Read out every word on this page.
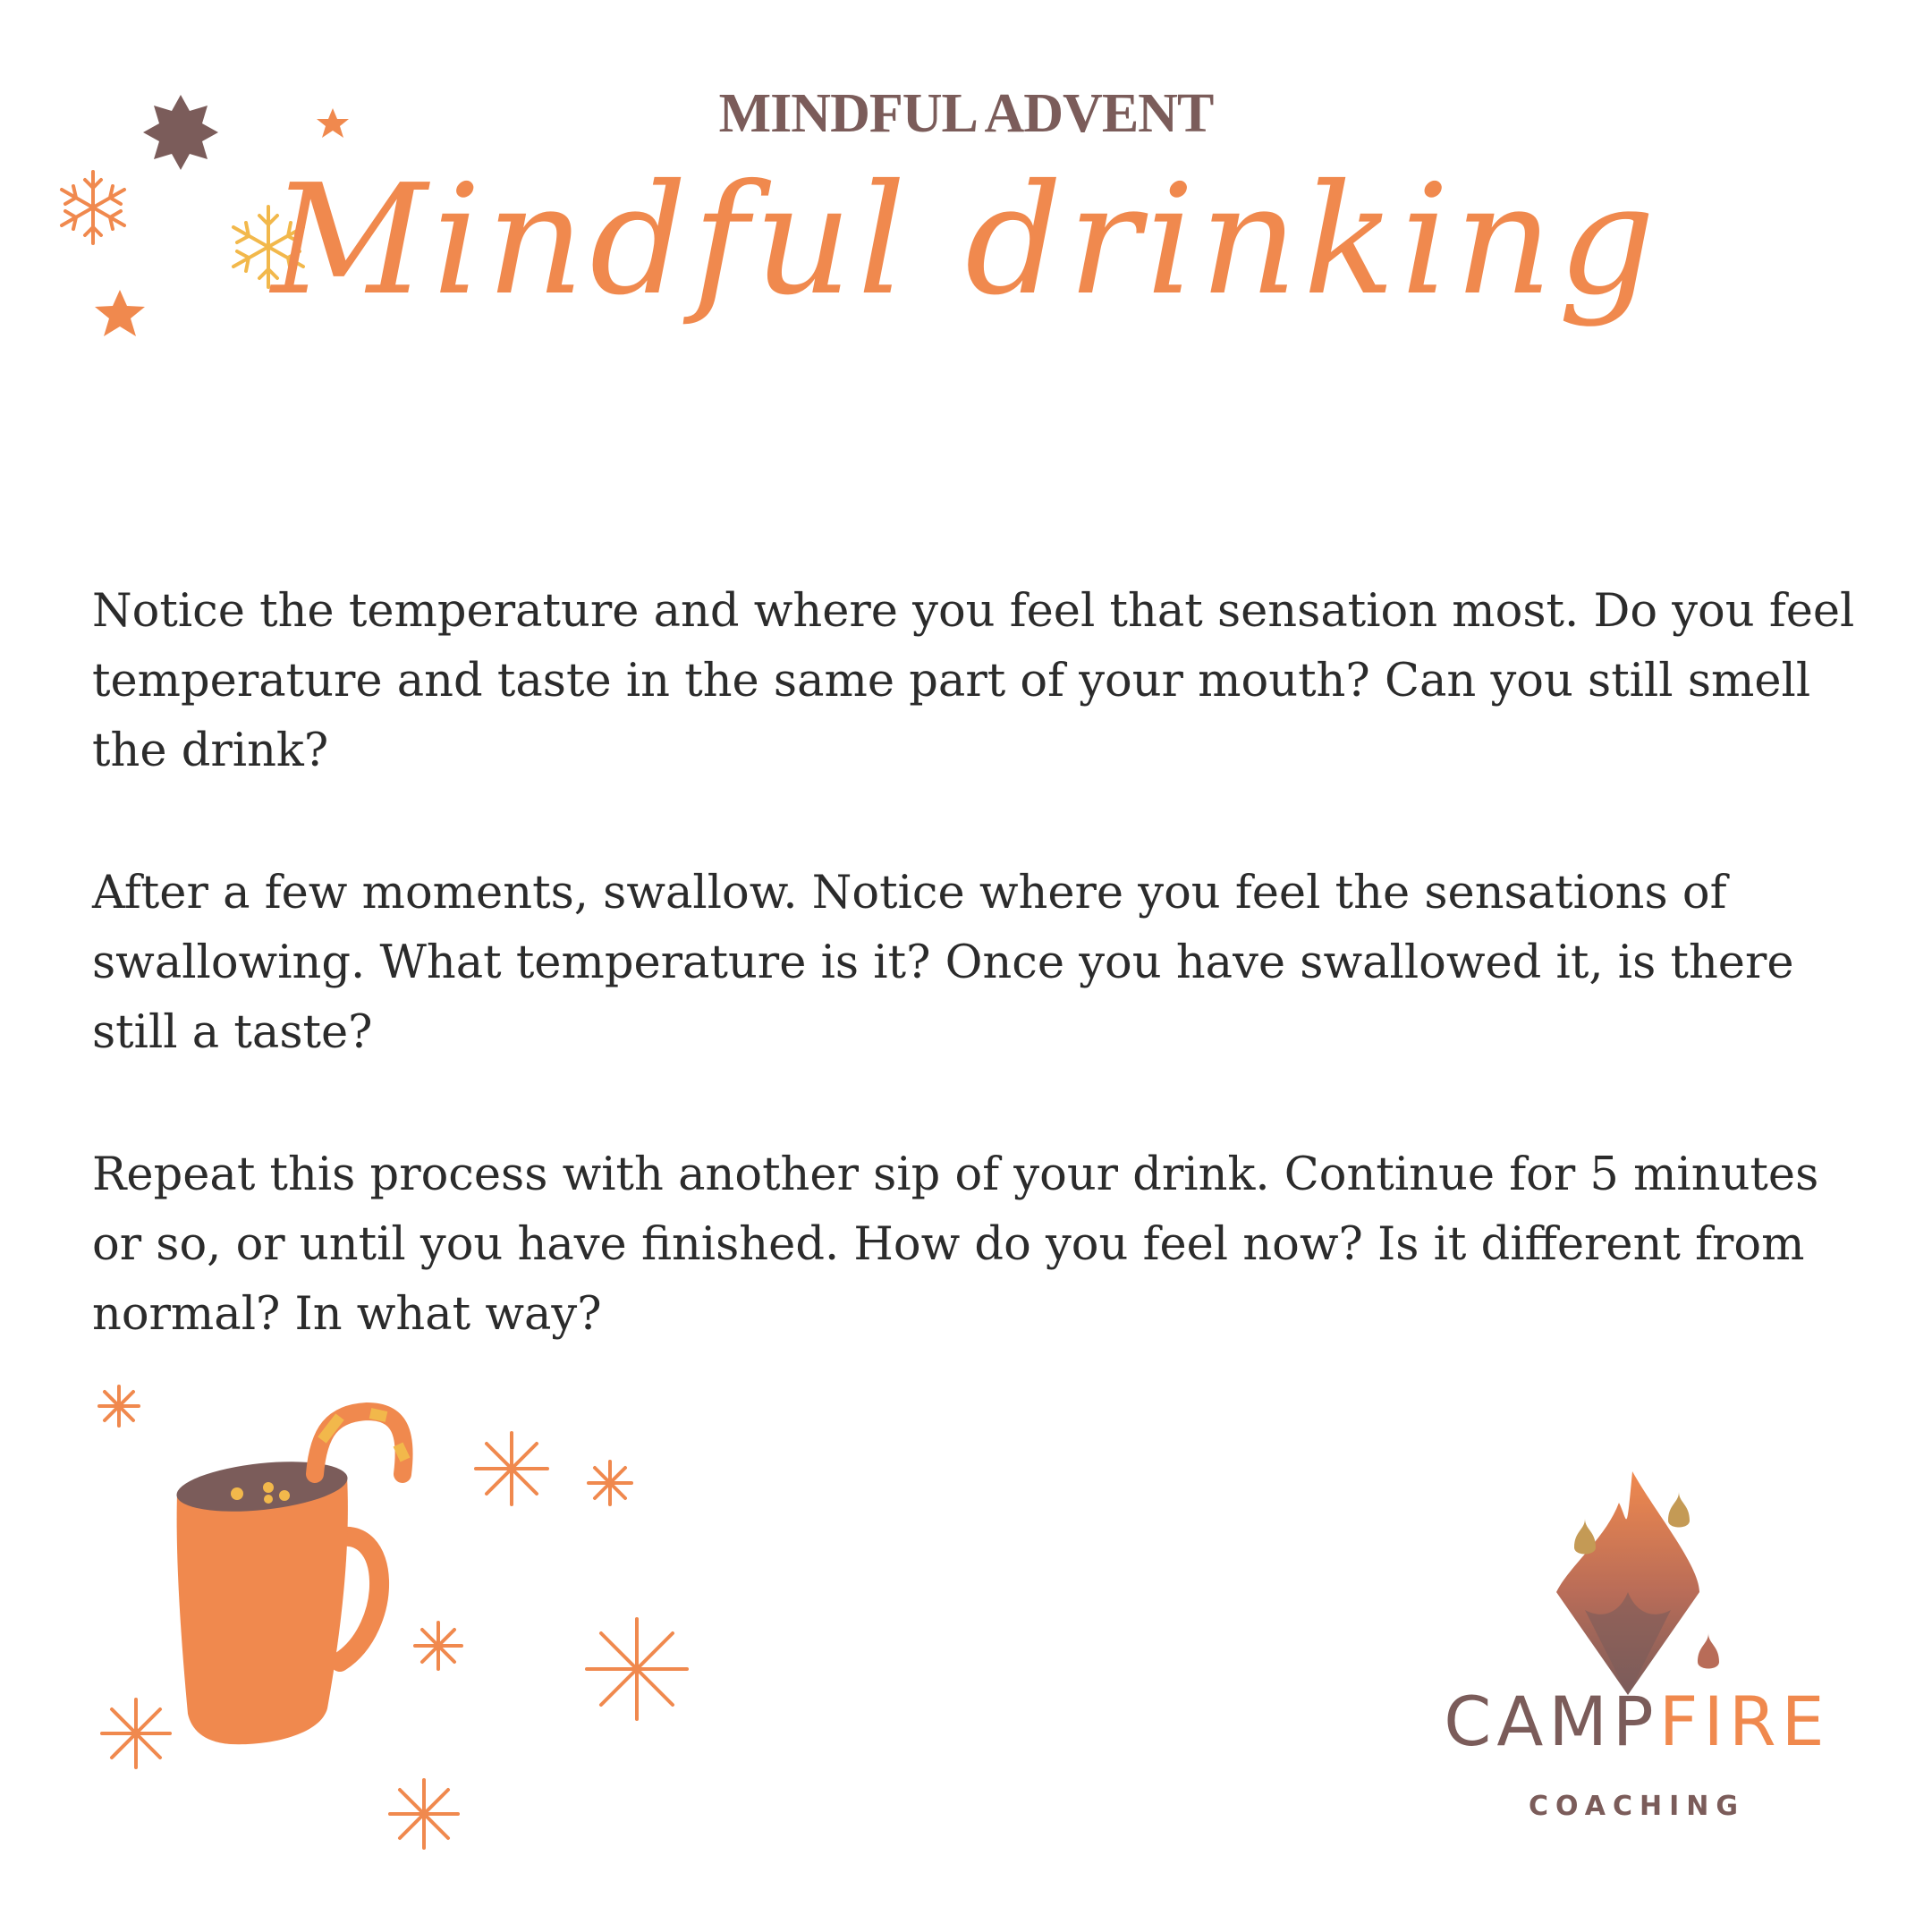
MINDFUL ADVENT
Mindful drinking
Notice the temperature and where you feel that sensation most. Do you feel temperature and taste in the same part of your mouth? Can you still smell the drink?
After a few moments, swallow. Notice where you feel the sensations of swallowing. What temperature is it? Once you have swallowed it, is there still a taste?
Repeat this process with another sip of your drink. Continue for 5 minutes or so, or until you have finished. How do you feel now? Is it different from normal? In what way?
CAMPFIRE
COACHING
